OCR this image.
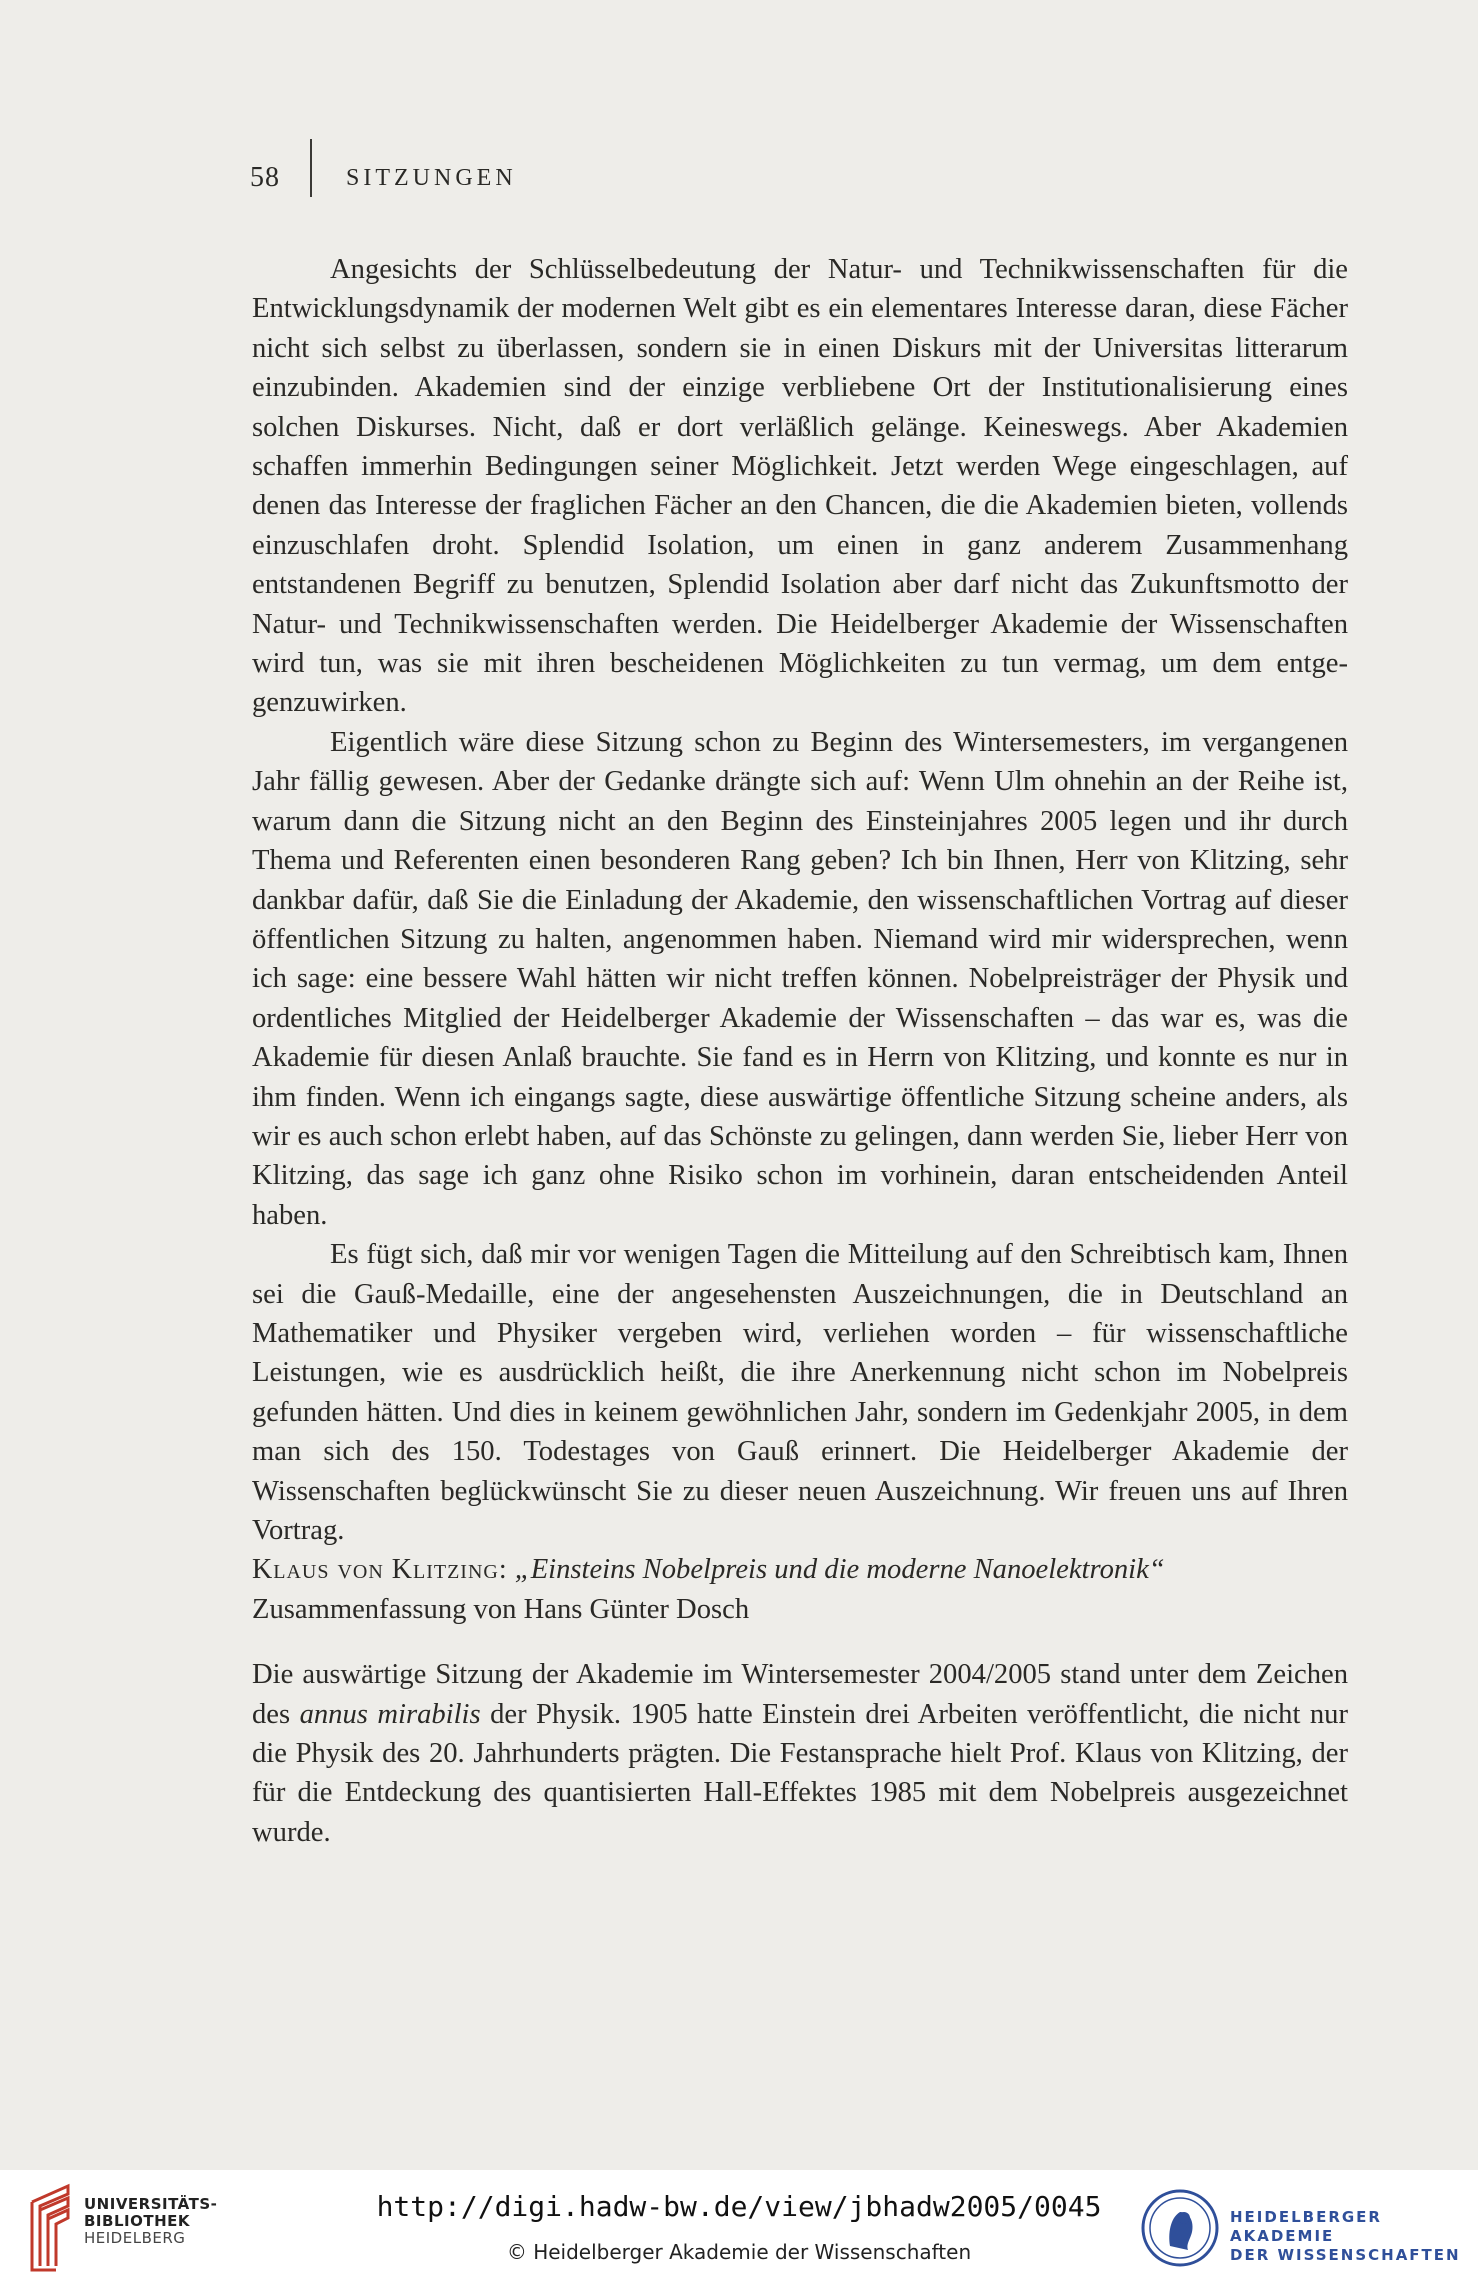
58	SITZUNGEN

Angesichts der Schlüsselbedeutung der Natur- und Technikwissenschaften für die Entwicklungsdynamik der modernen Welt gibt es ein elementares Interesse daran, diese Fächer nicht sich selbst zu überlassen, sondern sie in einen Diskurs mit der Universitas litterarum einzubinden. Akademien sind der einzige verbliebene Ort der Institutionalisierung eines solchen Diskurses. Nicht, daß er dort verläßlich gelänge. Keineswegs. Aber Akademien schaffen immerhin Bedingungen seiner Möglichkeit. Jetzt werden Wege eingeschlagen, auf denen das Interesse der fraglichen Fächer an den Chancen, die die Akademien bieten, vollends einzuschlafen droht. Splendid Isolation, um einen in ganz anderem Zusammenhang entstandenen Begriff zu benutzen, Splendid Isolation aber darf nicht das Zukunftsmotto der Natur- und Technikwissenschaften werden. Die Heidelberger Akademie der Wissenschaften wird tun, was sie mit ihren bescheidenen Möglichkeiten zu tun vermag, um dem entgegenzuwirken.

Eigentlich wäre diese Sitzung schon zu Beginn des Wintersemesters, im vergangenen Jahr fällig gewesen. Aber der Gedanke drängte sich auf: Wenn Ulm ohnehin an der Reihe ist, warum dann die Sitzung nicht an den Beginn des Einsteinjahres 2005 legen und ihr durch Thema und Referenten einen besonderen Rang geben? Ich bin Ihnen, Herr von Klitzing, sehr dankbar dafür, daß Sie die Einladung der Akademie, den wissenschaftlichen Vortrag auf dieser öffentlichen Sitzung zu halten, angenommen haben. Niemand wird mir widersprechen, wenn ich sage: eine bessere Wahl hätten wir nicht treffen können. Nobelpreisträger der Physik und ordentliches Mitglied der Heidelberger Akademie der Wissenschaften – das war es, was die Akademie für diesen Anlaß brauchte. Sie fand es in Herrn von Klitzing, und konnte es nur in ihm finden. Wenn ich eingangs sagte, diese auswärtige öffentliche Sitzung scheine anders, als wir es auch schon erlebt haben, auf das Schönste zu gelingen, dann werden Sie, lieber Herr von Klitzing, das sage ich ganz ohne Risiko schon im vorhinein, daran entscheidenden Anteil haben.

Es fügt sich, daß mir vor wenigen Tagen die Mitteilung auf den Schreibtisch kam, Ihnen sei die Gauß-Medaille, eine der angesehensten Auszeichnungen, die in Deutschland an Mathematiker und Physiker vergeben wird, verliehen worden – für wissenschaftliche Leistungen, wie es ausdrücklich heißt, die ihre Anerkennung nicht schon im Nobelpreis gefunden hätten. Und dies in keinem gewöhnlichen Jahr, sondern im Gedenkjahr 2005, in dem man sich des 150. Todestages von Gauß erinnert. Die Heidelberger Akademie der Wissenschaften beglückwünscht Sie zu dieser neuen Auszeichnung. Wir freuen uns auf Ihren Vortrag.

Klaus von Klitzing: „Einsteins Nobelpreis und die moderne Nanoelektronik“

Zusammenfassung von Hans Günter Dosch

Die auswärtige Sitzung der Akademie im Wintersemester 2004/2005 stand unter dem Zeichen des annus mirabilis der Physik. 1905 hatte Einstein drei Arbeiten veröffentlicht, die nicht nur die Physik des 20. Jahrhunderts prägten. Die Festansprache hielt Prof. Klaus von Klitzing, der für die Entdeckung des quantisierten Hall-Effektes 1985 mit dem Nobelpreis ausgezeichnet wurde.

UNIVERSITÄTS-
BIBLIOTHEK
HEIDELBERG
http://digi.hadw-bw.de/view/jbhadw2005/0045
© Heidelberger Akademie der Wissenschaften
HEIDELBERGER AKADEMIE
DER WISSENSCHAFTEN
